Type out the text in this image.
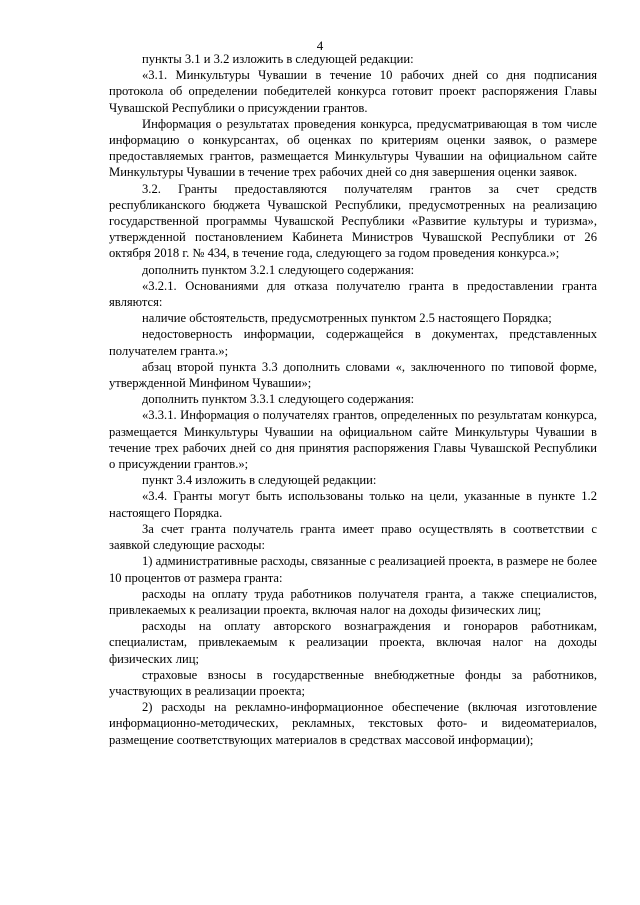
4

пункты 3.1 и 3.2 изложить в следующей редакции:

«3.1. Минкультуры Чувашии в течение 10 рабочих дней со дня подписания протокола об определении победителей конкурса готовит проект распоряжения Главы Чувашской Республики о присуждении грантов.

Информация о результатах проведения конкурса, предусматривающая в том числе информацию о конкурсантах, об оценках по критериям оценки заявок, о размере предоставляемых грантов, размещается Минкультуры Чувашии на официальном сайте Минкультуры Чувашии в течение трех рабочих дней со дня завершения оценки заявок.

3.2. Гранты предоставляются получателям грантов за счет средств республиканского бюджета Чувашской Республики, предусмотренных на реализацию государственной программы Чувашской Республики «Развитие культуры и туризма», утвержденной постановлением Кабинета Министров Чувашской Республики от 26 октября 2018 г. № 434, в течение года, следующего за годом проведения конкурса.»;

дополнить пунктом 3.2.1 следующего содержания:

«3.2.1. Основаниями для отказа получателю гранта в предоставлении гранта являются:

наличие обстоятельств, предусмотренных пунктом 2.5 настоящего Порядка;

недостоверность информации, содержащейся в документах, представленных получателем гранта.»;

абзац второй пункта 3.3 дополнить словами «, заключенного по типовой форме, утвержденной Минфином Чувашии»;

дополнить пунктом 3.3.1 следующего содержания:

«3.3.1. Информация о получателях грантов, определенных по результатам конкурса, размещается Минкультуры Чувашии на официальном сайте Минкультуры Чувашии в течение трех рабочих дней со дня принятия распоряжения Главы Чувашской Республики о присуждении грантов.»;

пункт 3.4 изложить в следующей редакции:

«3.4. Гранты могут быть использованы только на цели, указанные в пункте 1.2 настоящего Порядка.

За счет гранта получатель гранта имеет право осуществлять в соответствии с заявкой следующие расходы:

1) административные расходы, связанные с реализацией проекта, в размере не более 10 процентов от размера гранта:

расходы на оплату труда работников получателя гранта, а также специалистов, привлекаемых к реализации проекта, включая налог на доходы физических лиц;

расходы на оплату авторского вознаграждения и гонораров работникам, специалистам, привлекаемым к реализации проекта, включая налог на доходы физических лиц;

страховые взносы в государственные внебюджетные фонды за работников, участвующих в реализации проекта;

2) расходы на рекламно-информационное обеспечение (включая изготовление информационно-методических, рекламных, текстовых фото- и видеоматериалов, размещение соответствующих материалов в средствах массовой информации);
